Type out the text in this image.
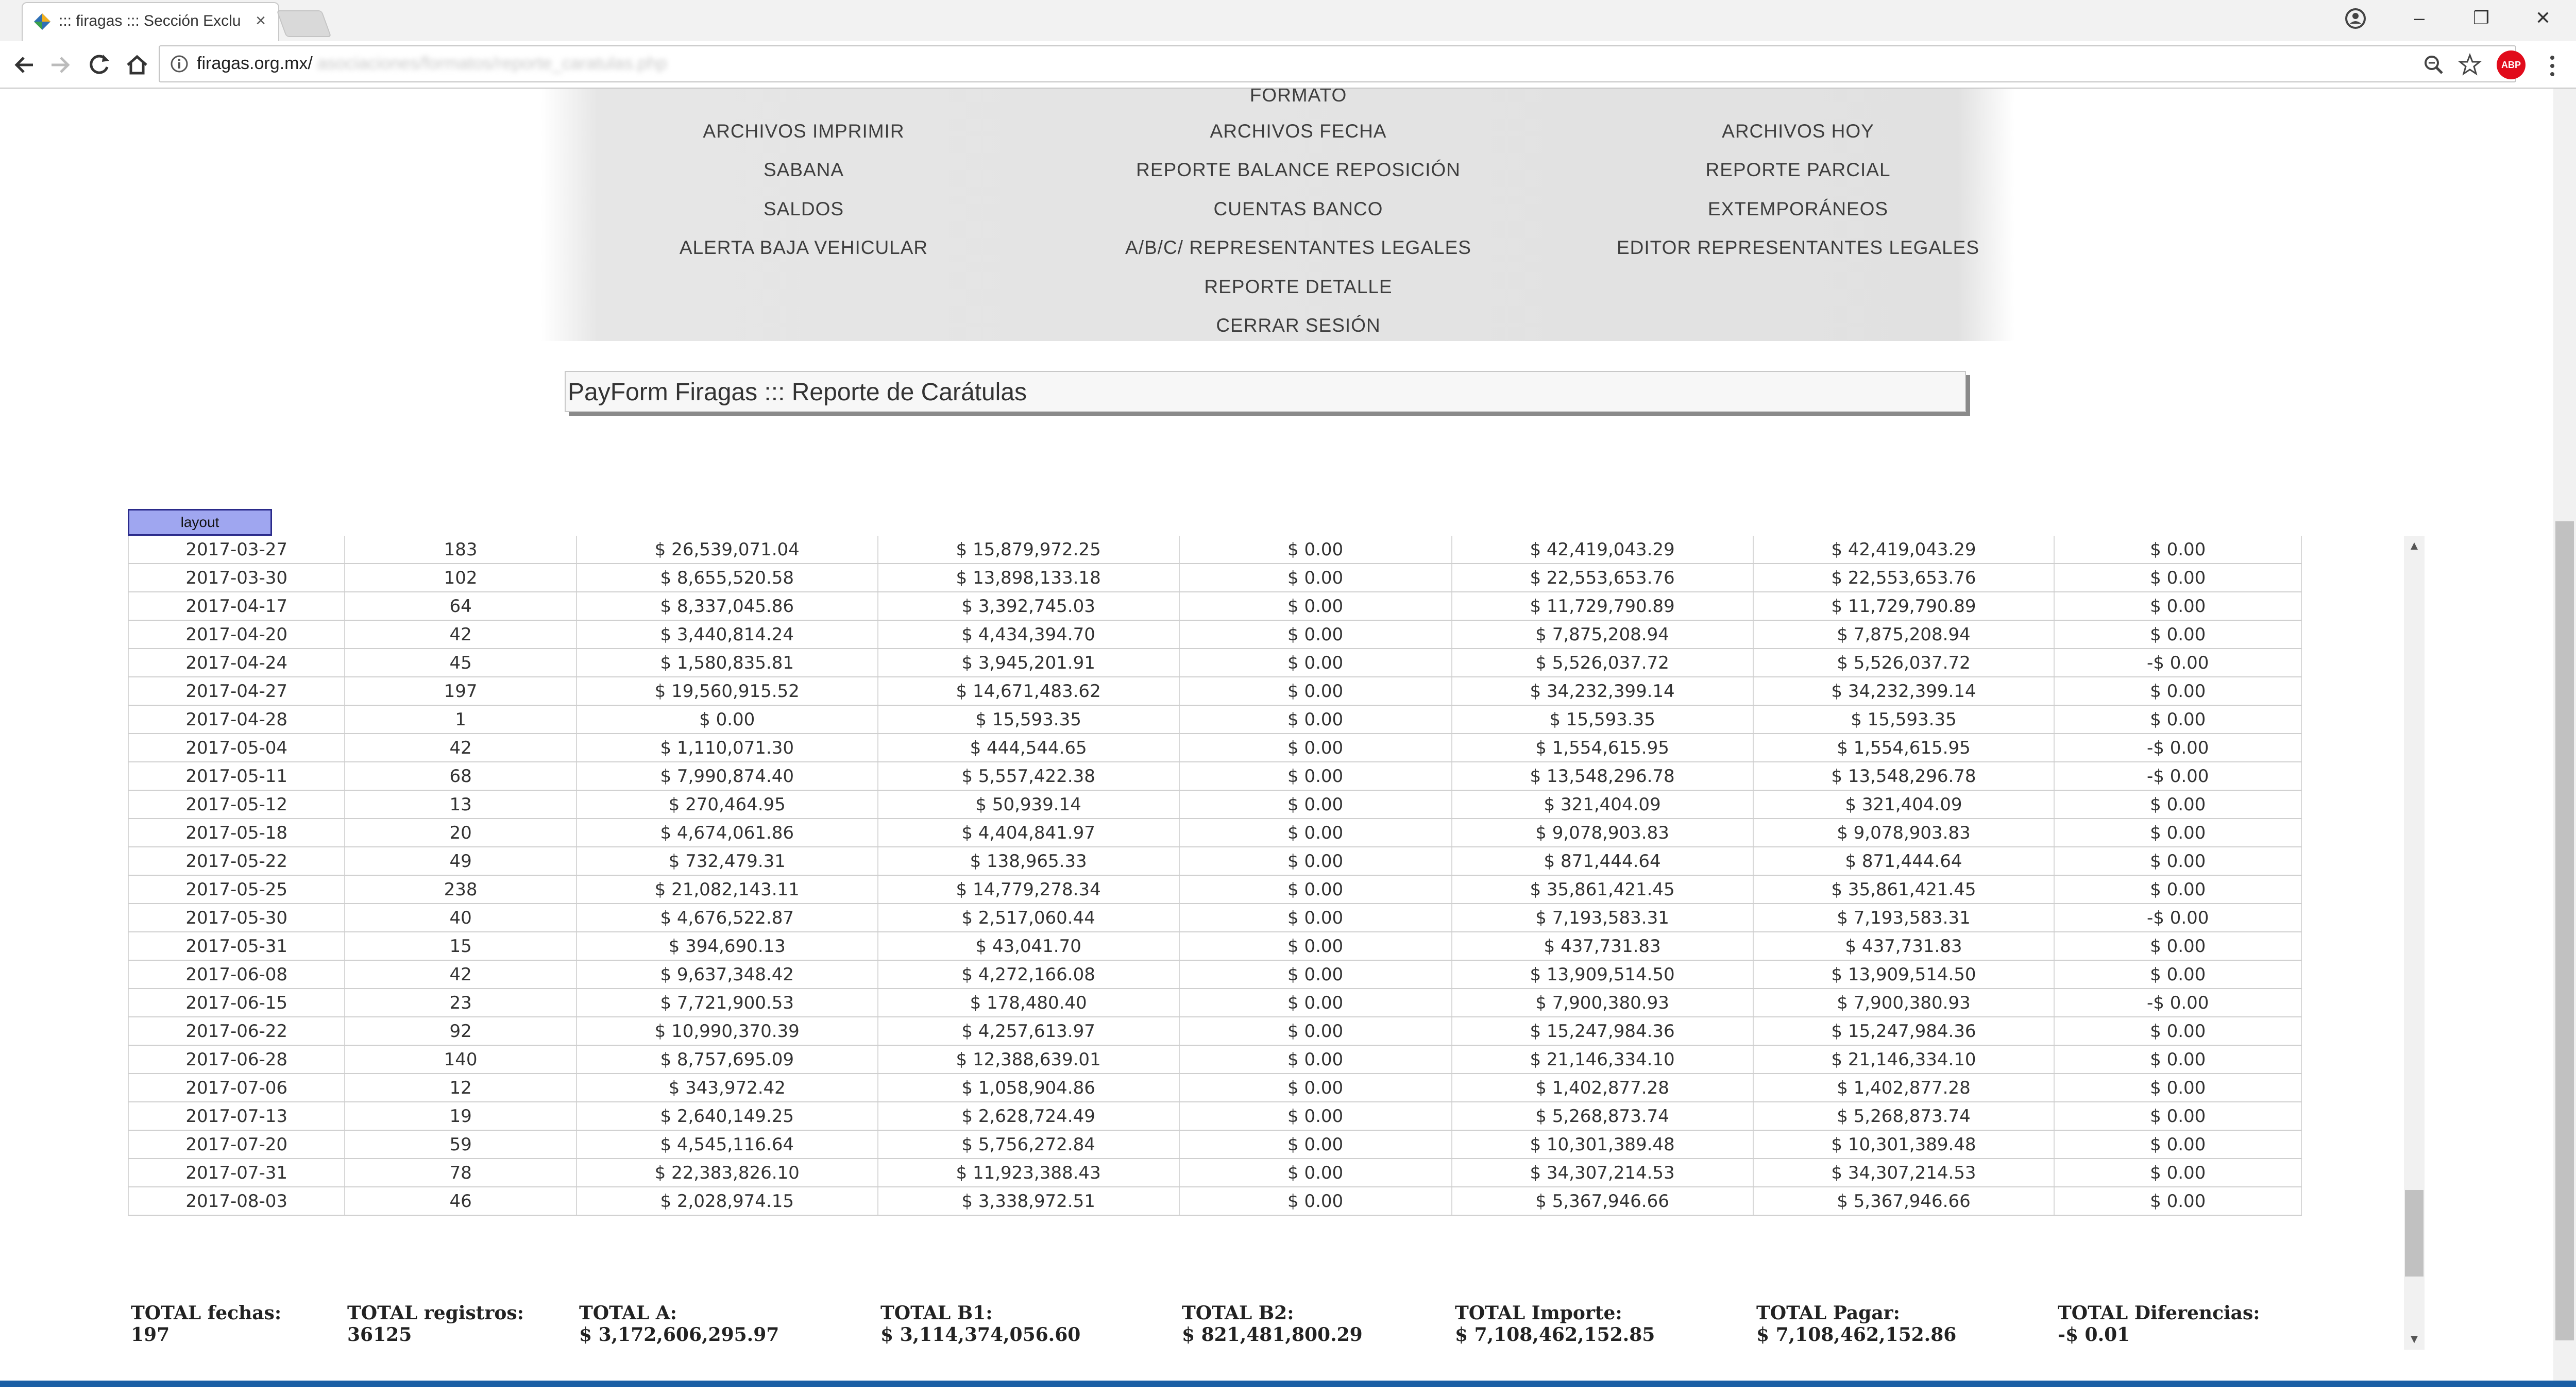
::: firagas ::: Sección Exclu ×	–	❐	✕
firagas.org.mx/ asociaciones/formatos/reporte_caratulas.php	ABP
FORMATO
ARCHIVOS IMPRIMIR	ARCHIVOS FECHA	ARCHIVOS HOY
SABANA	REPORTE BALANCE REPOSICIÓN	REPORTE PARCIAL
SALDOS	CUENTAS BANCO	EXTEMPORÁNEOS
ALERTA BAJA VEHICULAR	A/B/C/ REPRESENTANTES LEGALES	EDITOR REPRESENTANTES LEGALES
REPORTE DETALLE
CERRAR SESIÓN
PayForm Firagas ::: Reporte de Carátulas
layout
2017-03-27	183	$ 26,539,071.04	$ 15,879,972.25	$ 0.00	$ 42,419,043.29	$ 42,419,043.29	$ 0.00
2017-03-30	102	$ 8,655,520.58	$ 13,898,133.18	$ 0.00	$ 22,553,653.76	$ 22,553,653.76	$ 0.00
2017-04-17	64	$ 8,337,045.86	$ 3,392,745.03	$ 0.00	$ 11,729,790.89	$ 11,729,790.89	$ 0.00
2017-04-20	42	$ 3,440,814.24	$ 4,434,394.70	$ 0.00	$ 7,875,208.94	$ 7,875,208.94	$ 0.00
2017-04-24	45	$ 1,580,835.81	$ 3,945,201.91	$ 0.00	$ 5,526,037.72	$ 5,526,037.72	-$ 0.00
2017-04-27	197	$ 19,560,915.52	$ 14,671,483.62	$ 0.00	$ 34,232,399.14	$ 34,232,399.14	$ 0.00
2017-04-28	1	$ 0.00	$ 15,593.35	$ 0.00	$ 15,593.35	$ 15,593.35	$ 0.00
2017-05-04	42	$ 1,110,071.30	$ 444,544.65	$ 0.00	$ 1,554,615.95	$ 1,554,615.95	-$ 0.00
2017-05-11	68	$ 7,990,874.40	$ 5,557,422.38	$ 0.00	$ 13,548,296.78	$ 13,548,296.78	-$ 0.00
2017-05-12	13	$ 270,464.95	$ 50,939.14	$ 0.00	$ 321,404.09	$ 321,404.09	$ 0.00
2017-05-18	20	$ 4,674,061.86	$ 4,404,841.97	$ 0.00	$ 9,078,903.83	$ 9,078,903.83	$ 0.00
2017-05-22	49	$ 732,479.31	$ 138,965.33	$ 0.00	$ 871,444.64	$ 871,444.64	$ 0.00
2017-05-25	238	$ 21,082,143.11	$ 14,779,278.34	$ 0.00	$ 35,861,421.45	$ 35,861,421.45	$ 0.00
2017-05-30	40	$ 4,676,522.87	$ 2,517,060.44	$ 0.00	$ 7,193,583.31	$ 7,193,583.31	-$ 0.00
2017-05-31	15	$ 394,690.13	$ 43,041.70	$ 0.00	$ 437,731.83	$ 437,731.83	$ 0.00
2017-06-08	42	$ 9,637,348.42	$ 4,272,166.08	$ 0.00	$ 13,909,514.50	$ 13,909,514.50	$ 0.00
2017-06-15	23	$ 7,721,900.53	$ 178,480.40	$ 0.00	$ 7,900,380.93	$ 7,900,380.93	-$ 0.00
2017-06-22	92	$ 10,990,370.39	$ 4,257,613.97	$ 0.00	$ 15,247,984.36	$ 15,247,984.36	$ 0.00
2017-06-28	140	$ 8,757,695.09	$ 12,388,639.01	$ 0.00	$ 21,146,334.10	$ 21,146,334.10	$ 0.00
2017-07-06	12	$ 343,972.42	$ 1,058,904.86	$ 0.00	$ 1,402,877.28	$ 1,402,877.28	$ 0.00
2017-07-13	19	$ 2,640,149.25	$ 2,628,724.49	$ 0.00	$ 5,268,873.74	$ 5,268,873.74	$ 0.00
2017-07-20	59	$ 4,545,116.64	$ 5,756,272.84	$ 0.00	$ 10,301,389.48	$ 10,301,389.48	$ 0.00
2017-07-31	78	$ 22,383,826.10	$ 11,923,388.43	$ 0.00	$ 34,307,214.53	$ 34,307,214.53	$ 0.00
2017-08-03	46	$ 2,028,974.15	$ 3,338,972.51	$ 0.00	$ 5,367,946.66	$ 5,367,946.66	$ 0.00
▲
▼
TOTAL fechas:
197
TOTAL registros:
36125
TOTAL A:
$ 3,172,606,295.97
TOTAL B1:
$ 3,114,374,056.60
TOTAL B2:
$ 821,481,800.29
TOTAL Importe:
$ 7,108,462,152.85
TOTAL Pagar:
$ 7,108,462,152.86
TOTAL Diferencias:
-$ 0.01
